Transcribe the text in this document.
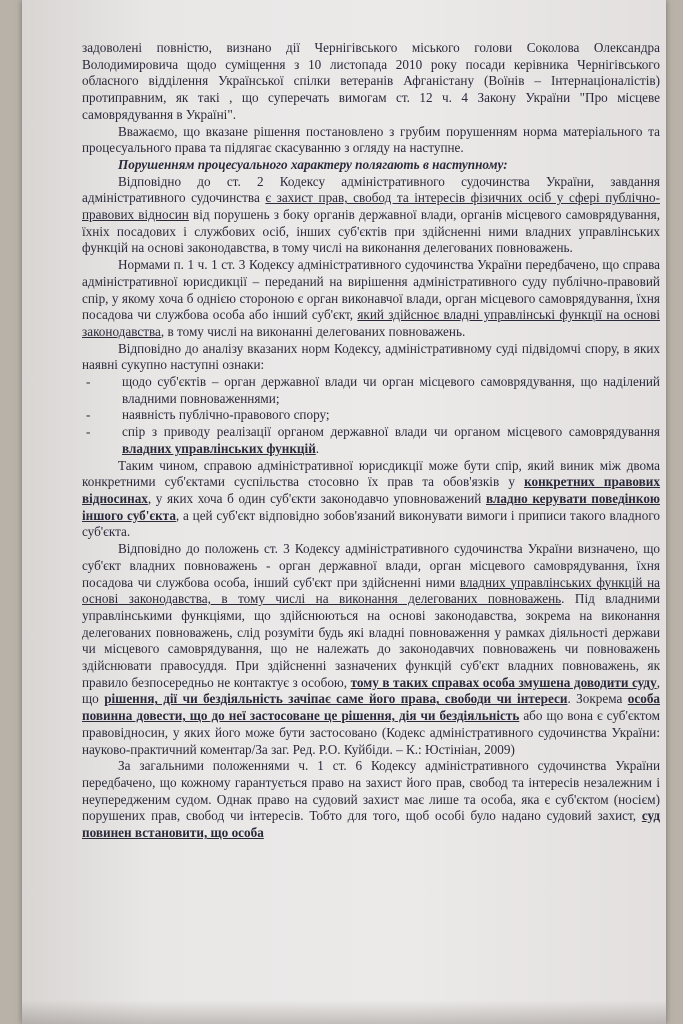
задоволені повністю, визнано дії Чернігівського міського голови Соколова Олександра Володимировича щодо суміщення з 10 листопада 2010 року посади керівника Чернігівського обласного відділення Української спілки ветеранів Афганістану (Воїнів – Інтернаціоналістів) протиправним, як такі , що суперечать вимогам ст. 12 ч. 4 Закону України "Про місцеве самоврядування в Україні".

Вважаємо, що вказане рішення постановлено з грубим порушенням норма матеріального та процесуального права та підлягає скасуванню з огляду на наступне.

Порушенням процесуального характеру полягають в наступному:

Відповідно до ст. 2 Кодексу адміністративного судочинства України, завдання адміністративного судочинства є захист прав, свобод та інтересів фізичних осіб у сфері публічно-правових відносин від порушень з боку органів державної влади, органів місцевого самоврядування, їхніх посадових і службових осіб, інших суб'єктів при здійсненні ними владних управлінських функцій на основі законодавства, в тому числі на виконання делегованих повноважень.

Нормами п. 1 ч. 1 ст. 3 Кодексу адміністративного судочинства України передбачено, що справа адміністративної юрисдикції – переданий на вирішення адміністративного суду публічно-правовий спір, у якому хоча б однією стороною є орган виконавчої влади, орган місцевого самоврядування, їхня посадова чи службова особа або інший суб'єкт, який здійснює владні управлінські функції на основі законодавства, в тому числі на виконанні делегованих повноважень.

Відповідно до аналізу вказаних норм Кодексу, адміністративному суді підвідомчі спору, в яких наявні сукупно наступні ознаки:

- щодо суб'єктів – орган державної влади чи орган місцевого самоврядування, що наділений владними повноваженнями;
- наявність публічно-правового спору;
- спір з приводу реалізації органом державної влади чи органом місцевого самоврядування владних управлінських функцій.

Таким чином, справою адміністративної юрисдикції може бути спір, який виник між двома конкретними суб'єктами суспільства стосовно їх прав та обов'язків у конкретних правових відносинах, у яких хоча б один суб'єкти законодавчо уповноважений владно керувати поведінкою іншого суб'єкта, а цей суб'єкт відповідно зобов'язаний виконувати вимоги і приписи такого владного суб'єкта.

Відповідно до положень ст. 3 Кодексу адміністративного судочинства України визначено, що суб'єкт владних повноважень - орган державної влади, орган місцевого самоврядування, їхня посадова чи службова особа, інший суб'єкт при здійсненні ними владних управлінських функцій на основі законодавства, в тому числі на виконання делегованих повноважень. Під владними управлінськими функціями, що здійснюються на основі законодавства, зокрема на виконання делегованих повноважень, слід розуміти будь які владні повноваження у рамках діяльності держави чи місцевого самоврядування, що не належать до законодавчих повноважень чи повноважень здійснювати правосуддя. При здійсненні зазначених функцій суб'єкт владних повноважень, як правило безпосередньо не контактує з особою, тому в таких справах особа змушена доводити суду, що рішення, дії чи бездіяльність зачіпає саме його права, свободи чи інтереси. Зокрема особа повинна довести, що до неї застосоване це рішення, дія чи бездіяльність або що вона є суб'єктом правовідносин, у яких його може бути застосовано (Кодекс адміністративного судочинства України: науково-практичний коментар/За заг. Ред. Р.О. Куйбіди. – К.: Юстініан, 2009)

За загальними положеннями ч. 1 ст. 6 Кодексу адміністративного судочинства України передбачено, що кожному гарантується право на захист його прав, свобод та інтересів незалежним і неупередженим судом. Однак право на судовий захист має лише та особа, яка є суб'єктом (носієм) порушених прав, свобод чи інтересів. Тобто для того, щоб особі було надано судовий захист, суд повинен встановити, що особа
